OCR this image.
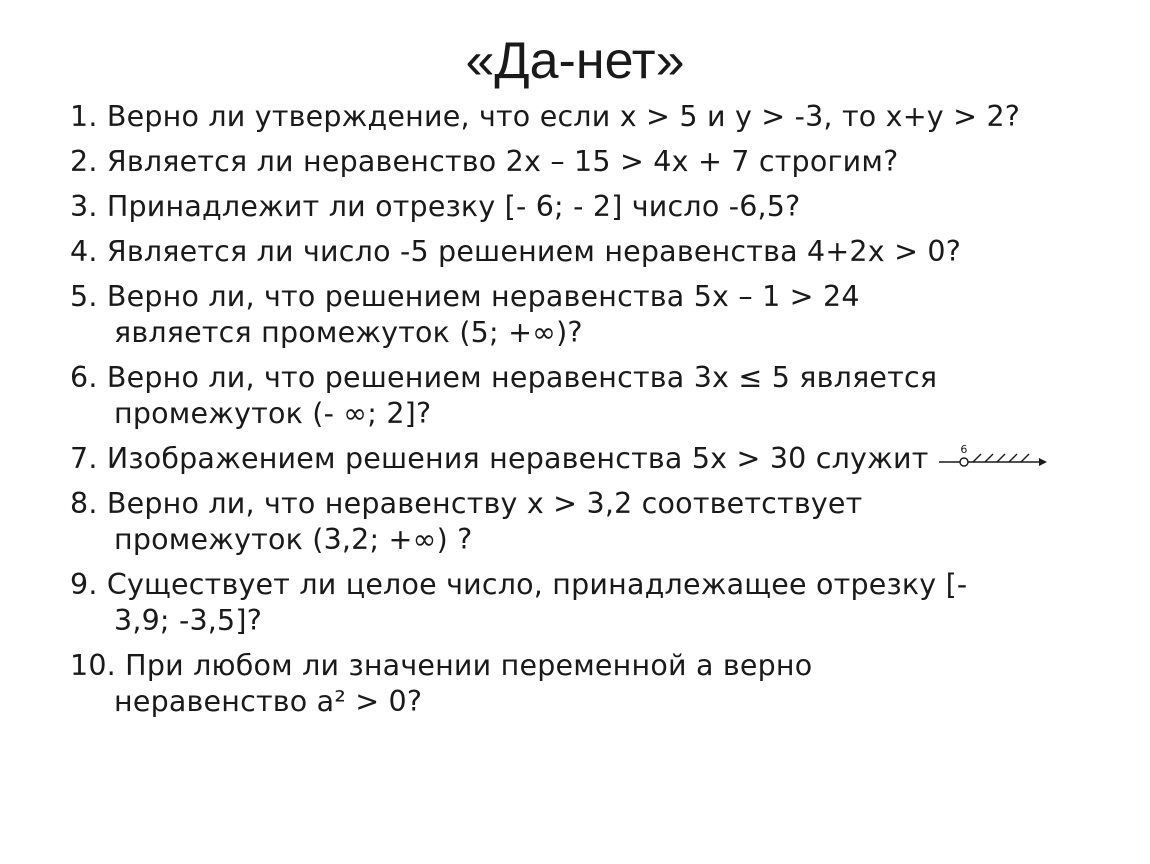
«Да-нет»
1. Верно ли утверждение, что если x > 5 и y > -3, то x+y > 2?
2. Является ли неравенство 2x – 15 > 4x + 7 строгим?
3. Принадлежит ли отрезку [- 6; - 2] число -6,5?
4. Является ли число -5 решением неравенства 4+2x > 0?
5. Верно ли, что решением неравенства 5x – 1 > 24
является промежуток (5; +∞)?
6. Верно ли, что решением неравенства 3x ≤ 5 является
промежуток (- ∞; 2]?
7. Изображением решения неравенства 5x > 30 служит	6
8. Верно ли, что неравенству x > 3,2 соответствует
промежуток (3,2; +∞) ?
9. Существует ли целое число, принадлежащее отрезку [-
3,9; -3,5]?
10. При любом ли значении переменной а верно
неравенство а² > 0?
